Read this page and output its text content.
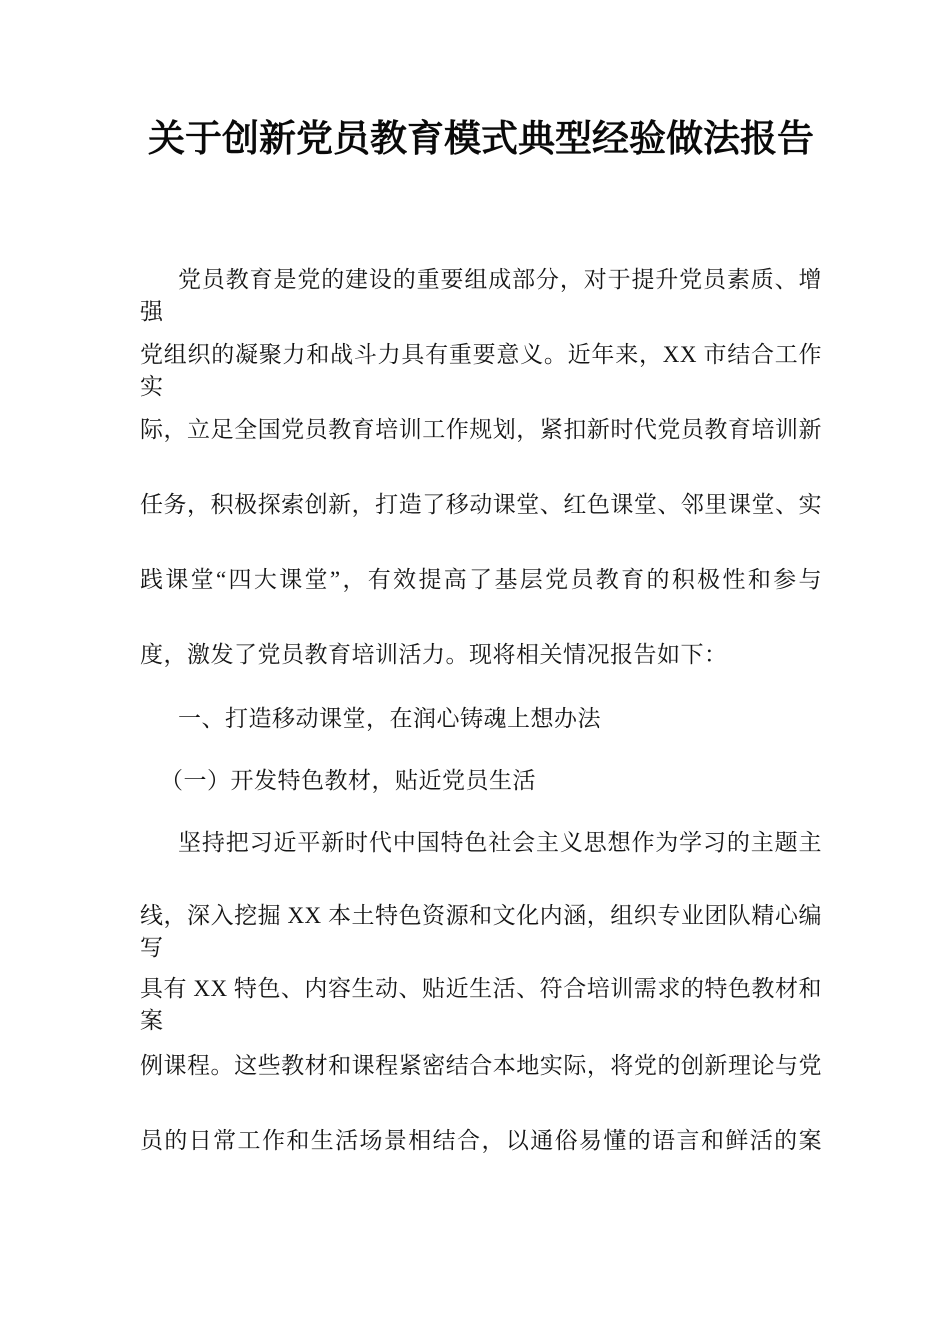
关于创新党员教育模式典型经验做法报告
党员教育是党的建设的重要组成部分，对于提升党员素质、增强
党组织的凝聚力和战斗力具有重要意义。近年来，XX 市结合工作实
际，立足全国党员教育培训工作规划，紧扣新时代党员教育培训新
任务，积极探索创新，打造了移动课堂、红色课堂、邻里课堂、实
践课堂“四大课堂”，有效提高了基层党员教育的积极性和参与
度，激发了党员教育培训活力。现将相关情况报告如下：
一、打造移动课堂，在润心铸魂上想办法
（一）开发特色教材，贴近党员生活
坚持把习近平新时代中国特色社会主义思想作为学习的主题主
线，深入挖掘 XX 本土特色资源和文化内涵，组织专业团队精心编写
具有 XX 特色、内容生动、贴近生活、符合培训需求的特色教材和案
例课程。这些教材和课程紧密结合本地实际，将党的创新理论与党
员的日常工作和生活场景相结合，以通俗易懂的语言和鲜活的案
